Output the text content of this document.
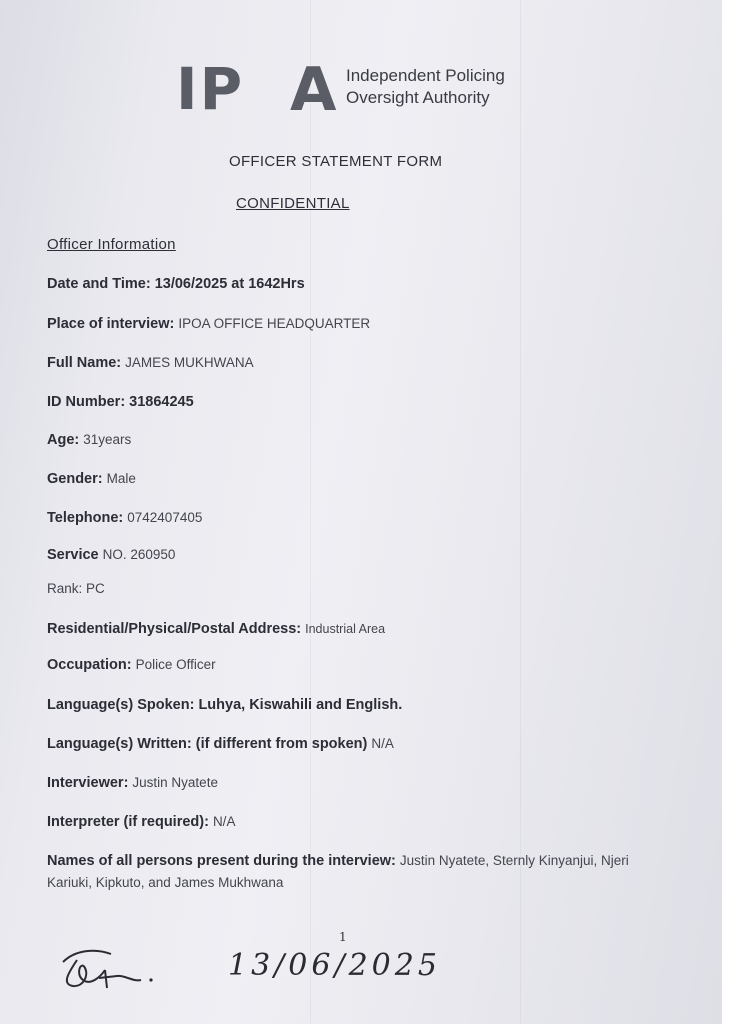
IP A Independent Policing
Oversight Authority
OFFICER STATEMENT FORM
CONFIDENTIAL
Officer Information
Date and Time: 13/06/2025 at 1642Hrs
Place of interview: IPOA OFFICE HEADQUARTER
Full Name: JAMES MUKHWANA
ID Number: 31864245
Age: 31years
Gender: Male
Telephone: 0742407405
Service NO. 260950
Rank: PC
Residential/Physical/Postal Address: Industrial Area
Occupation: Police Officer
Language(s) Spoken: Luhya, Kiswahili and English.
Language(s) Written: (if different from spoken) N/A
Interviewer: Justin Nyatete
Interpreter (if required): N/A
Names of all persons present during the interview: Justin Nyatete, Sternly Kinyanjui, Njeri Kariuki, Kipkuto, and James Mukhwana
1
13/06/2025
